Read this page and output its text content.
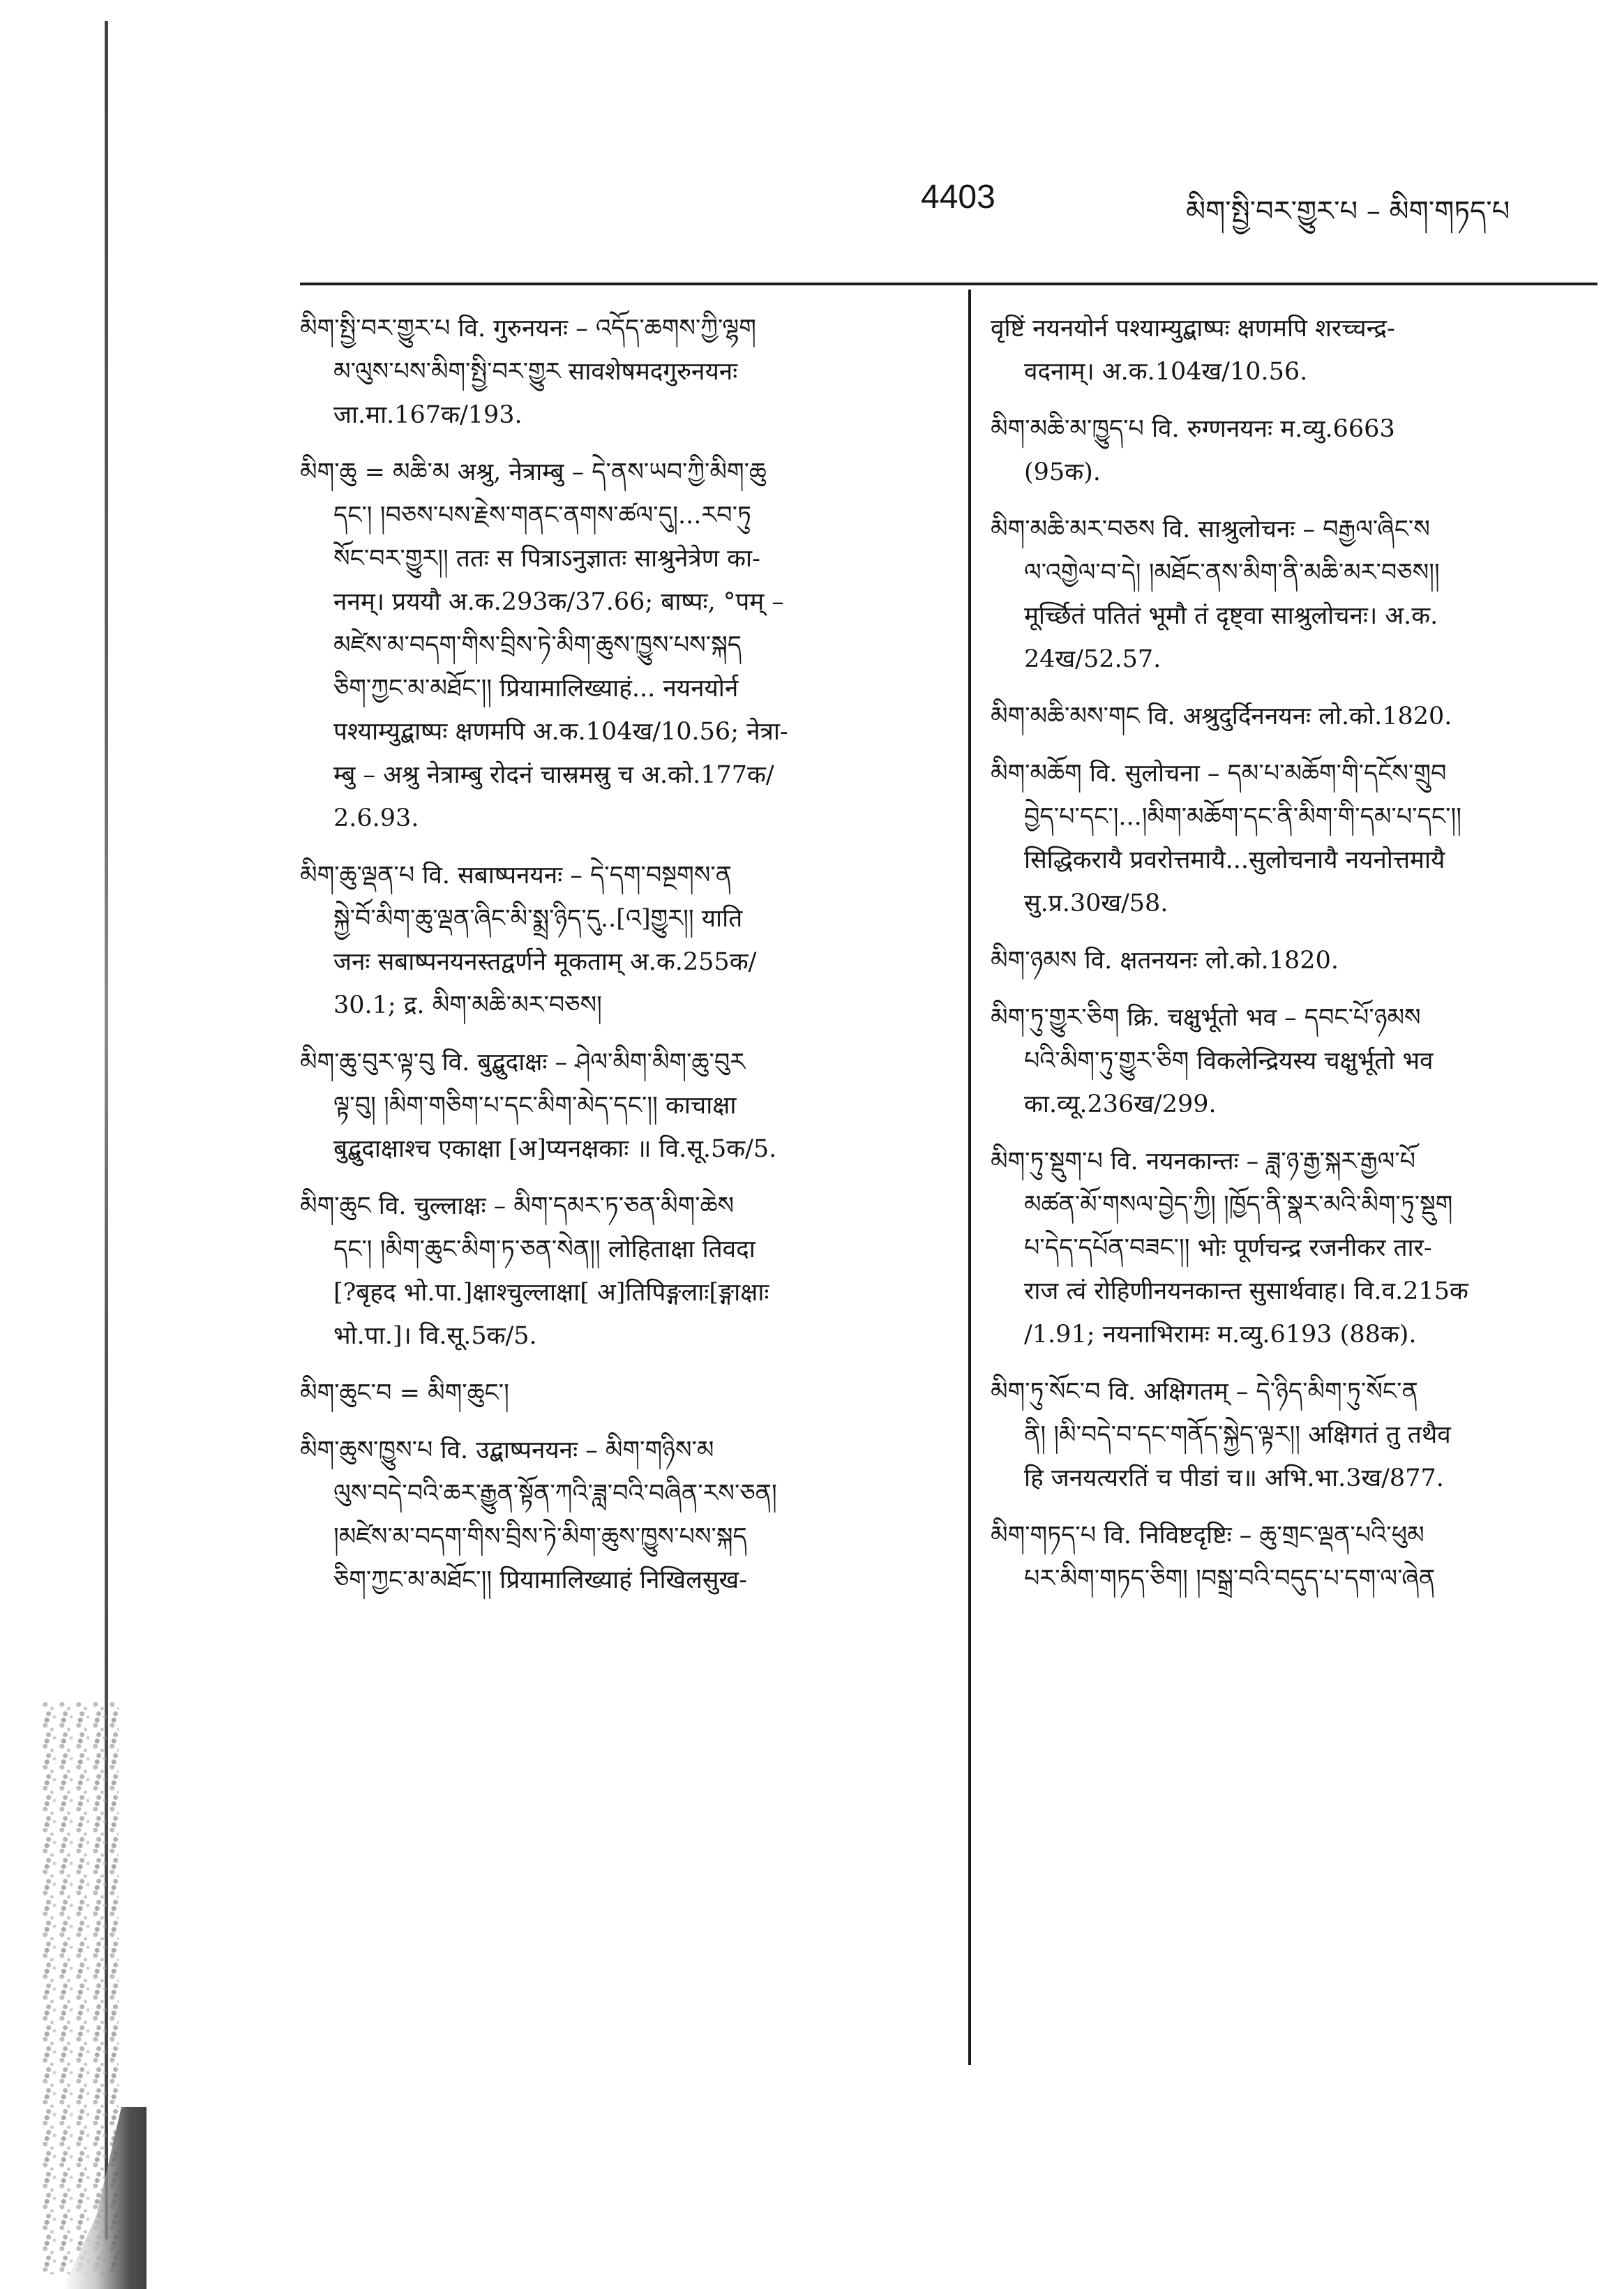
4403	མིག་སྤྱི་བར་གྱུར་པ – མིག་གཏད་པ
མིག་སྤྱི་བར་གྱུར་པ वि. गुरुनयनः – འདོད་ཆགས་ཀྱི་ལྷག
མ་ལུས་པས་མིག་སྤྱི་བར་གྱུར सावशेषमदगुरुनयनः
जा.मा.167क/193.
མིག་ཆུ = མཆི་མ अश्रु, नेत्राम्बु – དེ་ནས་ཡབ་ཀྱི་མིག་ཆུ
དང་། །བཅས་པས་རྗེས་གནང་ནགས་ཚལ་དུ།...རབ་ཏུ
སོང་བར་གྱུར།། ततः स पित्राऽनुज्ञातः साश्रुनेत्रेण का-
ननम्। प्रययौ अ.क.293क/37.66; बाष्पः, °पम् –
མཛེས་མ་བདག་གིས་བྲིས་ཏེ་མིག་ཆུས་ཁྱུས་པས་སྐད
ཅིག་ཀྱང་མ་མཐོང་།། प्रियामालिख्याहं... नयनयोर्न
पश्याम्युद्बाष्पः क्षणमपि अ.क.104ख/10.56; नेत्रा-
म्बु – अश्रु नेत्राम्बु रोदनं चास्रमस्रु च अ.को.177क/
2.6.93.
མིག་ཆུ་ལྡན་པ वि. सबाष्पनयनः – དེ་དག་བསྔགས་ན
སྐྱེ་བོ་མིག་ཆུ་ལྡན་ཞིང་མི་སྨྲ་ཉིད་དུ..[འ]གྱུར།། याति
जनः सबाष्पनयनस्तद्वर्णने मूकताम् अ.क.255क/
30.1; द्र. མིག་མཆི་མར་བཅས།
མིག་ཆུ་བུར་ལྟ་བུ वि. बुद्बुदाक्षः – ཤེལ་མིག་མིག་ཆུ་བུར
ལྟ་བུ། །མིག་གཅིག་པ་དང་མིག་མེད་དང་།། काचाक्षा
बुद्बुदाक्षाश्च एकाक्षा [अ]प्यनक्षकाः ॥ वि.सू.5क/5.
མིག་ཆུང वि. चुल्लाक्षः – མིག་དམར་ཏ་ཅན་མིག་ཆེས
དང་། །མིག་ཆུང་མིག་ཏ་ཅན་སེན།། लोहिताक्षा तिवदा
[?बृहद भो.पा.]क्षाश्चुल्लाक्षा[ अ]तिपिङ्गलाः[ङ्गाक्षाः
भो.पा.]। वि.सू.5क/5.
མིག་ཆུང་བ = མིག་ཆུང་།
མིག་ཆུས་ཁྱུས་པ वि. उद्बाष्पनयनः – མིག་གཉིས་མ
ལུས་བདེ་བའི་ཆར་རྒྱུན་སྟོན་ཀའི་ཟླ་བའི་བཞིན་རས་ཅན།
།མཛེས་མ་བདག་གིས་བྲིས་ཏེ་མིག་ཆུས་ཁྱུས་པས་སྐད
ཅིག་ཀྱང་མ་མཐོང་།། प्रियामालिख्याहं निखिलसुख-
वृष्टिं नयनयोर्न पश्याम्युद्बाष्पः क्षणमपि शरच्चन्द्र-
वदनाम्। अ.क.104ख/10.56.
མིག་མཆི་མ་ཁྱུད་པ वि. रुग्णनयनः म.व्यु.6663
(95क).
མིག་མཆི་མར་བཅས वि. साश्रुलोचनः – བརྒྱལ་ཞིང་ས
ལ་འགྱེལ་བ་དེ། །མཐོང་ནས་མིག་ནི་མཆི་མར་བཅས།།
मूर्च्छितं पतितं भूमौ तं दृष्ट्वा साश्रुलोचनः। अ.क.
24ख/52.57.
མིག་མཆི་མས་གང वि. अश्रुदुर्दिननयनः लो.को.1820.
མིག་མཆོག वि. सुलोचना – དམ་པ་མཆོག་གི་དངོས་གྲུབ
བྱེད་པ་དང་།...།མིག་མཆོག་དང་ནི་མིག་གི་དམ་པ་དང་།།
सिद्धिकरायै प्रवरोत्तमायै...सुलोचनायै नयनोत्तमायै
सु.प्र.30ख/58.
མིག་ཉམས वि. क्षतनयनः लो.को.1820.
མིག་ཏུ་གྱུར་ཅིག क्रि. चक्षुर्भूतो भव – དབང་པོ་ཉམས
པའི་མིག་ཏུ་གྱུར་ཅིག विकलेन्द्रियस्य चक्षुर्भूतो भव
का.व्यू.236ख/299.
མིག་ཏུ་སྡུག་པ वि. नयनकान्तः – ཟླ་ཉ་རྒྱ་སྐར་རྒྱལ་པོ
མཚན་མོ་གསལ་བྱེད་ཀྱི། །ཁྱོད་ནི་སྣར་མའི་མིག་ཏུ་སྡུག
པ་དེད་དཔོན་བཟང་།། भोः पूर्णचन्द्र रजनीकर तार-
राज त्वं रोहिणीनयनकान्त सुसार्थवाह। वि.व.215क
/1.91; नयनाभिरामः म.व्यु.6193 (88क).
མིག་ཏུ་སོང་བ वि. अक्षिगतम् – དེ་ཉིད་མིག་ཏུ་སོང་ན
ནི། །མི་བདེ་བ་དང་གནོད་སྐྱེད་ལྟར།། अक्षिगतं तु तथैव
हि जनयत्यरतिं च पीडां च॥ अभि.भा.3ख/877.
མིག་གཏད་པ वि. निविष्टदृष्टिः – ཆུ་གྲང་ལྡན་པའི་ཕུམ
པར་མིག་གཏད་ཅིག། །བསྒྲ་བའི་བདུད་པ་དག་ལ་ཞེན
